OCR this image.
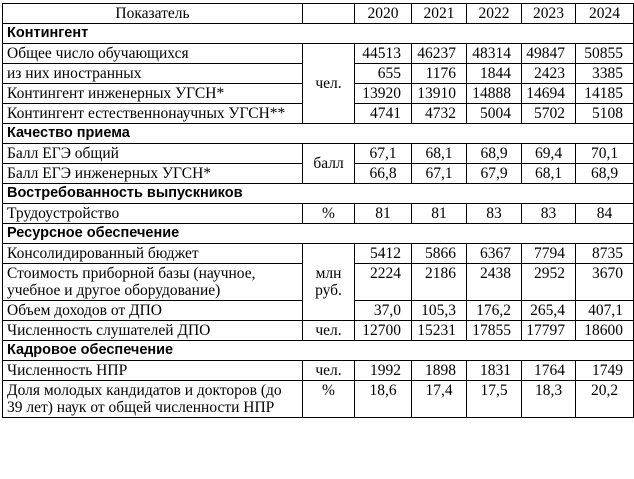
Показатель		2020	2021	2022	2023	2024
Контингент						
Общее число обучающихся	чел.	44513	46237	48314	49847	50855
из них иностранных		655	1176	1844	2423	3385
Контингент инженерных УГСН*		13920	13910	14888	14694	14185
Контингент естественнонаучных УГСН**		4741	4732	5004	5702	5108
Качество приема						
Балл ЕГЭ общий	балл	67,1	68,1	68,9	69,4	70,1
Балл ЕГЭ инженерных УГСН*		66,8	67,1	67,9	68,1	68,9
Востребованность выпускников						
Трудоустройство	%	81	81	83	83	84
Ресурсное обеспечение						
Консолидированный бюджет	млн руб.	5412	5866	6367	7794	8735
Стоимость приборной базы (научное, учебное и другое оборудование)		2224	2186	2438	2952	3670
Объем доходов от ДПО		37,0	105,3	176,2	265,4	407,1
Численность слушателей ДПО	чел.	12700	15231	17855	17797	18600
Кадровое обеспечение						
Численность НПР	чел.	1992	1898	1831	1764	1749
Доля молодых кандидатов и докторов (до 39 лет) наук от общей численности НПР	%	18,6	17,4	17,5	18,3	20,2
